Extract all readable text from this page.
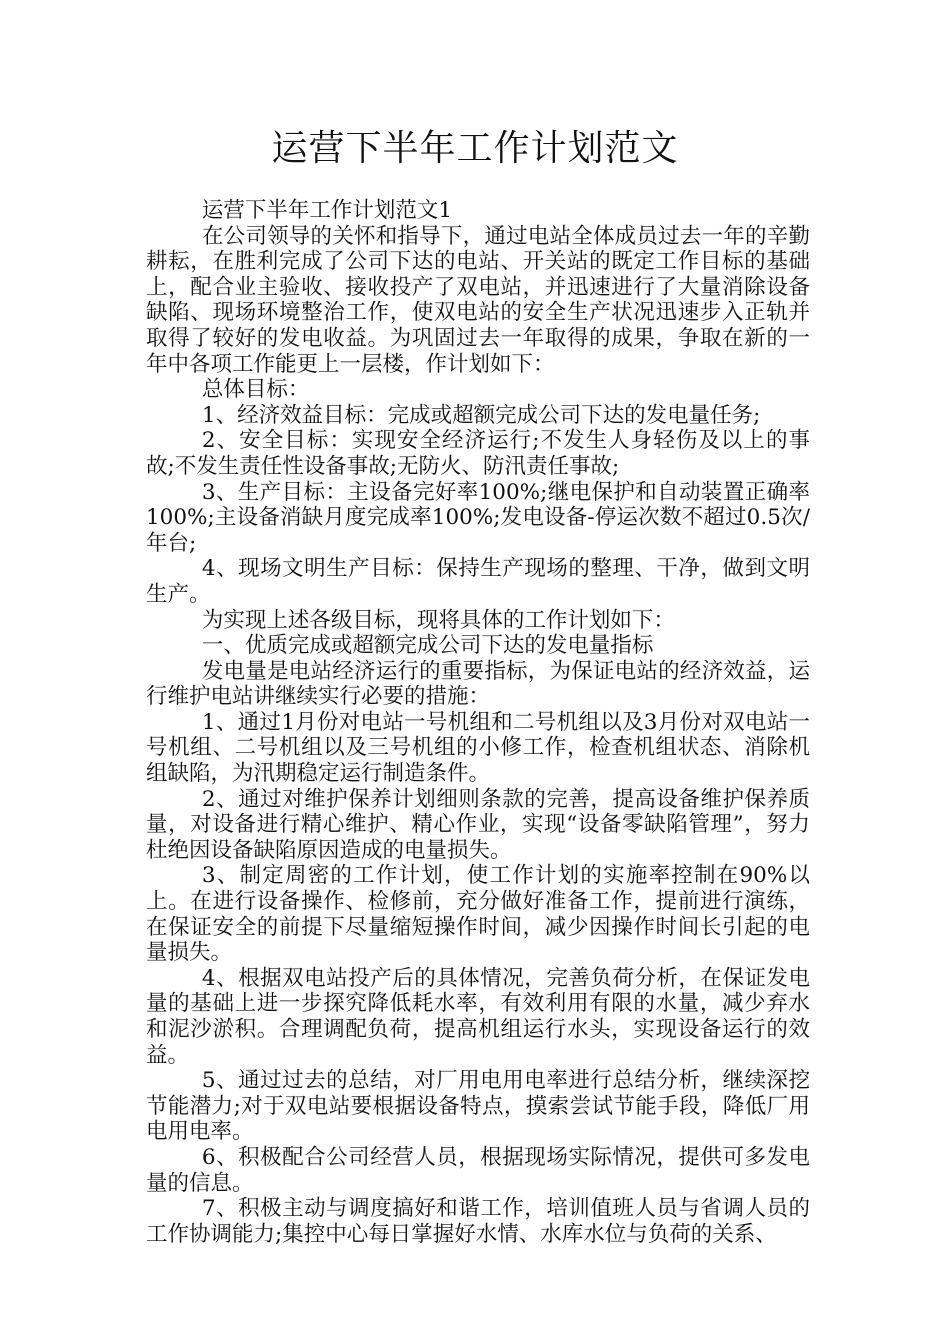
运营下半年工作计划范文

运营下半年工作计划范文1

在公司领导的关怀和指导下，通过电站全体成员过去一年的辛勤耕耘，在胜利完成了公司下达的电站、开关站的既定工作目标的基础上，配合业主验收、接收投产了双电站，并迅速进行了大量消除设备缺陷、现场环境整治工作，使双电站的安全生产状况迅速步入正轨并取得了较好的发电收益。为巩固过去一年取得的成果，争取在新的一年中各项工作能更上一层楼，作计划如下：

总体目标：

1、经济效益目标：完成或超额完成公司下达的发电量任务;

2、安全目标：实现安全经济运行;不发生人身轻伤及以上的事故;不发生责任性设备事故;无防火、防汛责任事故;

3、生产目标：主设备完好率100%;继电保护和自动装置正确率100%;主设备消缺月度完成率100%;发电设备-停运次数不超过0.5次/年台;

4、现场文明生产目标：保持生产现场的整理、干净，做到文明生产。

为实现上述各级目标，现将具体的工作计划如下：

一、优质完成或超额完成公司下达的发电量指标

发电量是电站经济运行的重要指标，为保证电站的经济效益，运行维护电站讲继续实行必要的措施：

1、通过1月份对电站一号机组和二号机组以及3月份对双电站一号机组、二号机组以及三号机组的小修工作，检查机组状态、消除机组缺陷，为汛期稳定运行制造条件。

2、通过对维护保养计划细则条款的完善，提高设备维护保养质量，对设备进行精心维护、精心作业，实现“设备零缺陷管理”，努力杜绝因设备缺陷原因造成的电量损失。

3、制定周密的工作计划，使工作计划的实施率控制在90%以上。在进行设备操作、检修前，充分做好准备工作，提前进行演练，在保证安全的前提下尽量缩短操作时间，减少因操作时间长引起的电量损失。

4、根据双电站投产后的具体情况，完善负荷分析，在保证发电量的基础上进一步探究降低耗水率，有效利用有限的水量，减少弃水和泥沙淤积。合理调配负荷，提高机组运行水头，实现设备运行的效益。

5、通过过去的总结，对厂用电用电率进行总结分析，继续深挖节能潜力;对于双电站要根据设备特点，摸索尝试节能手段，降低厂用电用电率。

6、积极配合公司经营人员，根据现场实际情况，提供可多发电量的信息。

7、积极主动与调度搞好和谐工作，培训值班人员与省调人员的工作协调能力;集控中心每日掌握好水情、水库水位与负荷的关系、
